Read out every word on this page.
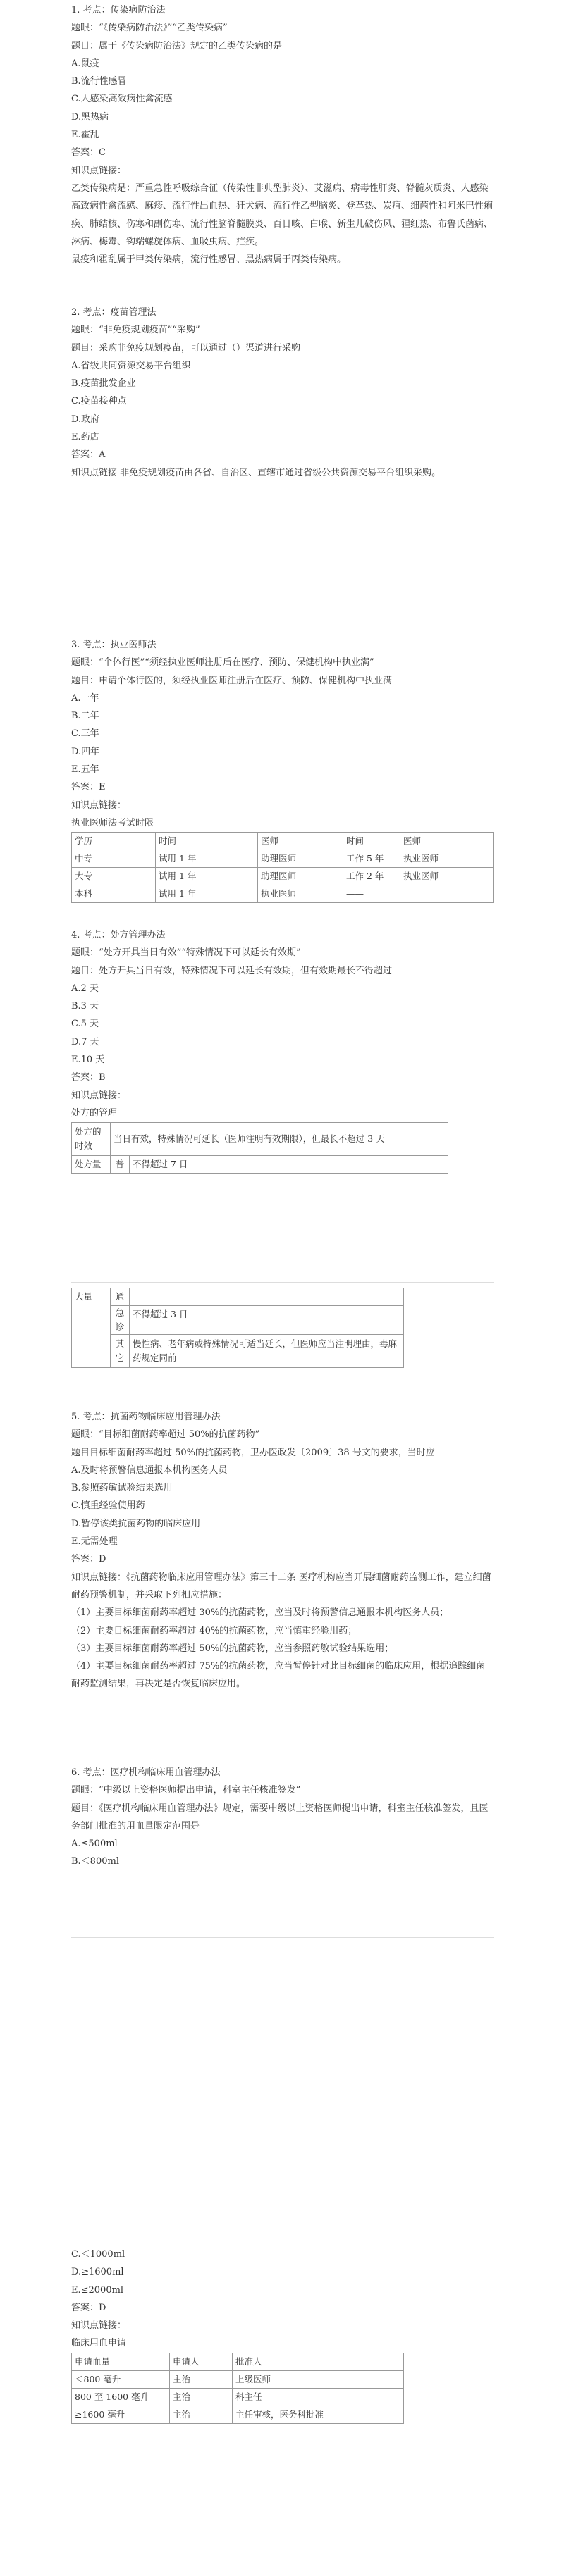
1. 考点：传染病防治法
题眼：“《传染病防治法》”“乙类传染病”
题目：属于《传染病防治法》规定的乙类传染病的是
A.鼠疫
B.流行性感冒
C.人感染高致病性禽流感
D.黑热病
E.霍乱
答案：C
知识点链接：
乙类传染病是：严重急性呼吸综合征（传染性非典型肺炎）、艾滋病、病毒性肝炎、脊髓灰质炎、人感染高致病性禽流感、麻疹、流行性出血热、狂犬病、流行性乙型脑炎、登革热、炭疽、细菌性和阿米巴性痢疾、肺结核、伤寒和副伤寒、流行性脑脊髓膜炎、百日咳、白喉、新生儿破伤风、猩红热、布鲁氏菌病、淋病、梅毒、钩端螺旋体病、血吸虫病、疟疾。
鼠疫和霍乱属于甲类传染病，流行性感冒、黑热病属于丙类传染病。
2. 考点：疫苗管理法
题眼：“非免疫规划疫苗”“采购”
题目：采购非免疫规划疫苗，可以通过（）渠道进行采购
A.省级共同资源交易平台组织
B.疫苗批发企业
C.疫苗接种点
D.政府
E.药店
答案：A
知识点链接 非免疫规划疫苗由各省、自治区、直辖市通过省级公共资源交易平台组织采购。
3. 考点：执业医师法
题眼：“个体行医”“须经执业医师注册后在医疗、预防、保健机构中执业满”
题目：申请个体行医的，须经执业医师注册后在医疗、预防、保健机构中执业满
A.一年
B.二年
C.三年
D.四年
E.五年
答案：E
知识点链接：
执业医师法考试时限
学历	时间	医师	时间	医师
中专	试用 1 年	助理医师	工作 5 年	执业医师
大专	试用 1 年	助理医师	工作 2 年	执业医师
本科	试用 1 年	执业医师	——	
4. 考点：处方管理办法
题眼：“处方开具当日有效”“特殊情况下可以延长有效期”
题目：处方开具当日有效，特殊情况下可以延长有效期，但有效期最长不得超过
A.2 天
B.3 天
C.5 天
D.7 天
E.10 天
答案：B
知识点链接：
处方的管理
处方的时效	当日有效，特殊情况可延长（医师注明有效期限），但最长不超过 3 天	
处方量	普	不得超过 7 日
大量	通	
	急诊	不得超过 3 日
	其它	慢性病、老年病或特殊情况可适当延长，但医师应当注明理由，毒麻药规定同前
5. 考点：抗菌药物临床应用管理办法
题眼：“目标细菌耐药率超过 50%的抗菌药物”
题目目标细菌耐药率超过 50%的抗菌药物，卫办医政发〔2009〕38 号文的要求，当时应
A.及时将预警信息通报本机构医务人员
B.参照药敏试验结果选用
C.慎重经验使用药
D.暂停该类抗菌药物的临床应用
E.无需处理
答案：D
知识点链接：《抗菌药物临床应用管理办法》第三十二条 医疗机构应当开展细菌耐药监测工作，建立细菌耐药预警机制，并采取下列相应措施：
（1）主要目标细菌耐药率超过 30%的抗菌药物，应当及时将预警信息通报本机构医务人员；
（2）主要目标细菌耐药率超过 40%的抗菌药物，应当慎重经验用药；
（3）主要目标细菌耐药率超过 50%的抗菌药物，应当参照药敏试验结果选用；
（4）主要目标细菌耐药率超过 75%的抗菌药物，应当暂停针对此目标细菌的临床应用，根据追踪细菌耐药监测结果，再决定是否恢复临床应用。
6. 考点：医疗机构临床用血管理办法
题眼：“中级以上资格医师提出申请，科室主任核准签发”
题目：《医疗机构临床用血管理办法》规定，需要中级以上资格医师提出申请，科室主任核准签发，且医务部门批准的用血量限定范围是
A.≤500ml
B.＜800ml
C.＜1000ml
D.≥1600ml
E.≤2000ml
答案：D
知识点链接：
临床用血申请
申请血量	申请人	批准人
＜800 毫升	主治	上级医师
800 至 1600 毫升	主治	科主任
≥1600 毫升	主治	主任审核，医务科批准
